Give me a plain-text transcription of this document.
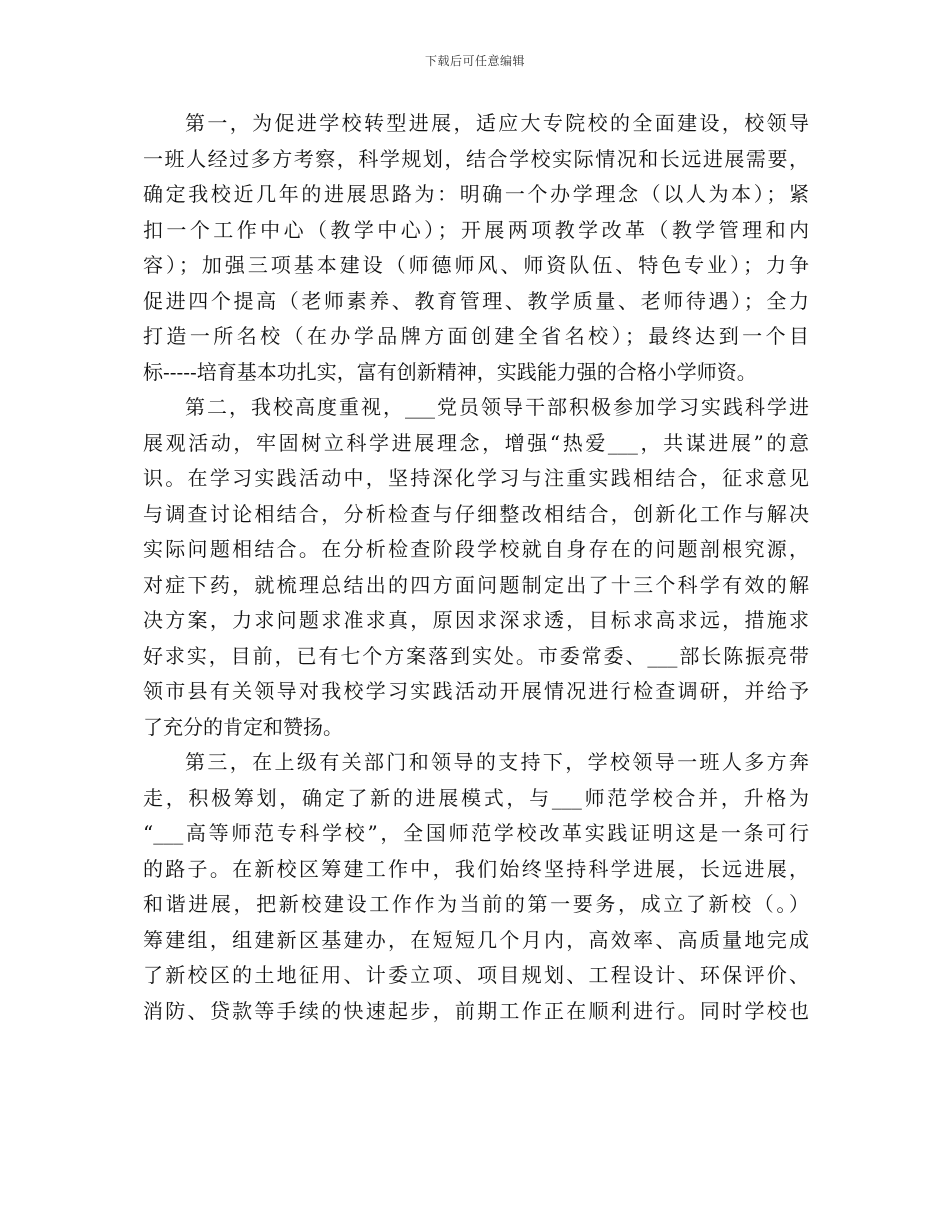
下载后可任意编辑
第一，为促进学校转型进展，适应大专院校的全面建设，校领导
一班人经过多方考察，科学规划，结合学校实际情况和长远进展需要，
确定我校近几年的进展思路为：明确一个办学理念（以人为本）；紧
扣一个工作中心（教学中心）；开展两项教学改革（教学管理和内
容）；加强三项基本建设（师德师风、师资队伍、特色专业）；力争
促进四个提高（老师素养、教育管理、教学质量、老师待遇）；全力
打造一所名校（在办学品牌方面创建全省名校）；最终达到一个目
标-----培育基本功扎实，富有创新精神，实践能力强的合格小学师资。
第二，我校高度重视，___党员领导干部积极参加学习实践科学进
展观活动，牢固树立科学进展理念，增强“热爱___，共谋进展”的意
识。在学习实践活动中，坚持深化学习与注重实践相结合，征求意见
与调查讨论相结合，分析检查与仔细整改相结合，创新化工作与解决
实际问题相结合。在分析检查阶段学校就自身存在的问题剖根究源，
对症下药，就梳理总结出的四方面问题制定出了十三个科学有效的解
决方案，力求问题求准求真，原因求深求透，目标求高求远，措施求
好求实，目前，已有七个方案落到实处。市委常委、___部长陈振亮带
领市县有关领导对我校学习实践活动开展情况进行检查调研，并给予
了充分的肯定和赞扬。
第三，在上级有关部门和领导的支持下，学校领导一班人多方奔
走，积极筹划，确定了新的进展模式，与___师范学校合并，升格为
“___高等师范专科学校”，全国师范学校改革实践证明这是一条可行
的路子。在新校区筹建工作中，我们始终坚持科学进展，长远进展，
和谐进展，把新校建设工作作为当前的第一要务，成立了新校（。）
筹建组，组建新区基建办，在短短几个月内，高效率、高质量地完成
了新校区的土地征用、计委立项、项目规划、工程设计、环保评价、
消防、贷款等手续的快速起步，前期工作正在顺利进行。同时学校也
